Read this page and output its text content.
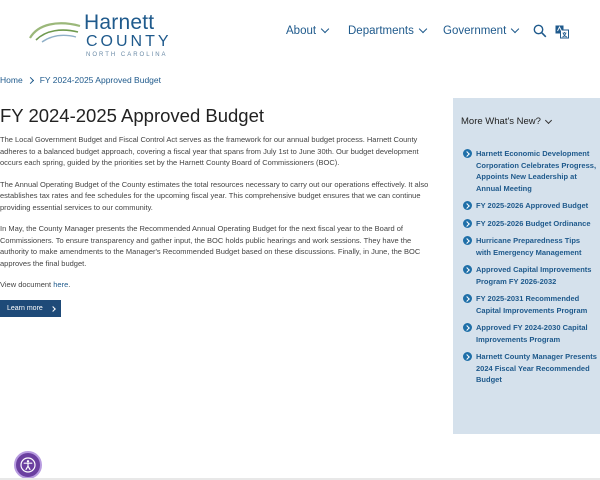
Harnett
COUNTY
NORTH CAROLINA
About	Departments	Government
Home FY 2024-2025 Approved Budget
FY 2024-2025 Approved Budget

The Local Government Budget and Fiscal Control Act serves as the framework for our annual budget process. Harnett County adheres to a balanced budget approach, covering a fiscal year that spans from July 1st to June 30th. Our budget development occurs each spring, guided by the priorities set by the Harnett County Board of Commissioners (BOC).

The Annual Operating Budget of the County estimates the total resources necessary to carry out our operations effectively. It also establishes tax rates and fee schedules for the upcoming fiscal year. This comprehensive budget ensures that we can continue providing essential services to our community.

In May, the County Manager presents the Recommended Annual Operating Budget for the next fiscal year to the Board of Commissioners. To ensure transparency and gather input, the BOC holds public hearings and work sessions. They have the authority to make amendments to the Manager's Recommended Budget based on these discussions. Finally, in June, the BOC approves the final budget.

View document here.

Learn more
More What's New?
Harnett Economic Development Corporation Celebrates Progress, Appoints New Leadership at Annual Meeting
FY 2025-2026 Approved Budget
FY 2025-2026 Budget Ordinance
Hurricane Preparedness Tips with Emergency Management
Approved Capital Improvements Program FY 2026-2032
FY 2025-2031 Recommended Capital Improvements Program
Approved FY 2024-2030 Capital Improvements Program
Harnett County Manager Presents 2024 Fiscal Year Recommended Budget
